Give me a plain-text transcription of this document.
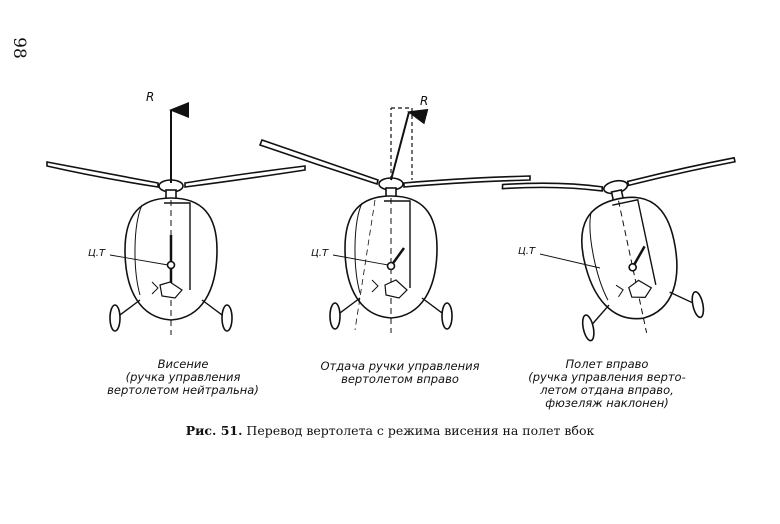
98
R	R
Ц.Т	Ц.Т	Ц.Т
Висение
(ручка управления
вертолетом нейтральна)
Отдача ручки управления
вертолетом вправо
Полет вправо
(ручка управления верто-
летом отдана вправо,
фюзеляж наклонен)
Рис. 51. Перевод вертолета с режима висения на полет вбок
